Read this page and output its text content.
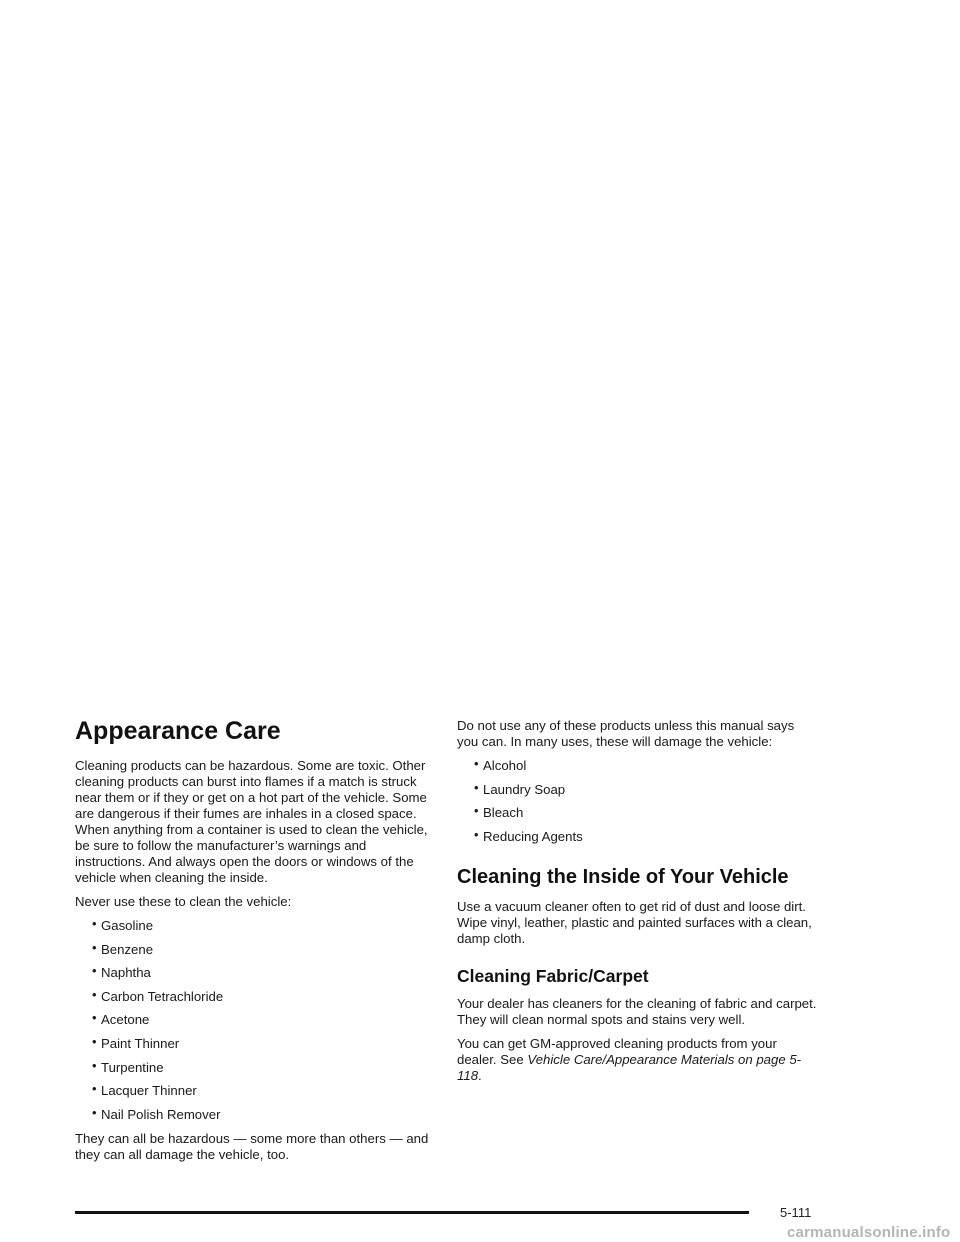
Appearance Care

Cleaning products can be hazardous. Some are toxic. Other cleaning products can burst into flames if a match is struck near them or if they or get on a hot part of the vehicle. Some are dangerous if their fumes are inhales in a closed space. When anything from a container is used to clean the vehicle, be sure to follow the manufacturer’s warnings and instructions. And always open the doors or windows of the vehicle when cleaning the inside.

Never use these to clean the vehicle:

• Gasoline
• Benzene
• Naphtha
• Carbon Tetrachloride
• Acetone
• Paint Thinner
• Turpentine
• Lacquer Thinner
• Nail Polish Remover

They can all be hazardous — some more than others — and they can all damage the vehicle, too.

Do not use any of these products unless this manual says you can. In many uses, these will damage the vehicle:

• Alcohol
• Laundry Soap
• Bleach
• Reducing Agents
Cleaning the Inside of Your Vehicle

Use a vacuum cleaner often to get rid of dust and loose dirt. Wipe vinyl, leather, plastic and painted surfaces with a clean, damp cloth.

Cleaning Fabric/Carpet

Your dealer has cleaners for the cleaning of fabric and carpet. They will clean normal spots and stains very well.

You can get GM-approved cleaning products from your dealer. See Vehicle Care/Appearance Materials on page 5-118.

5-111
carmanualsonline.info
